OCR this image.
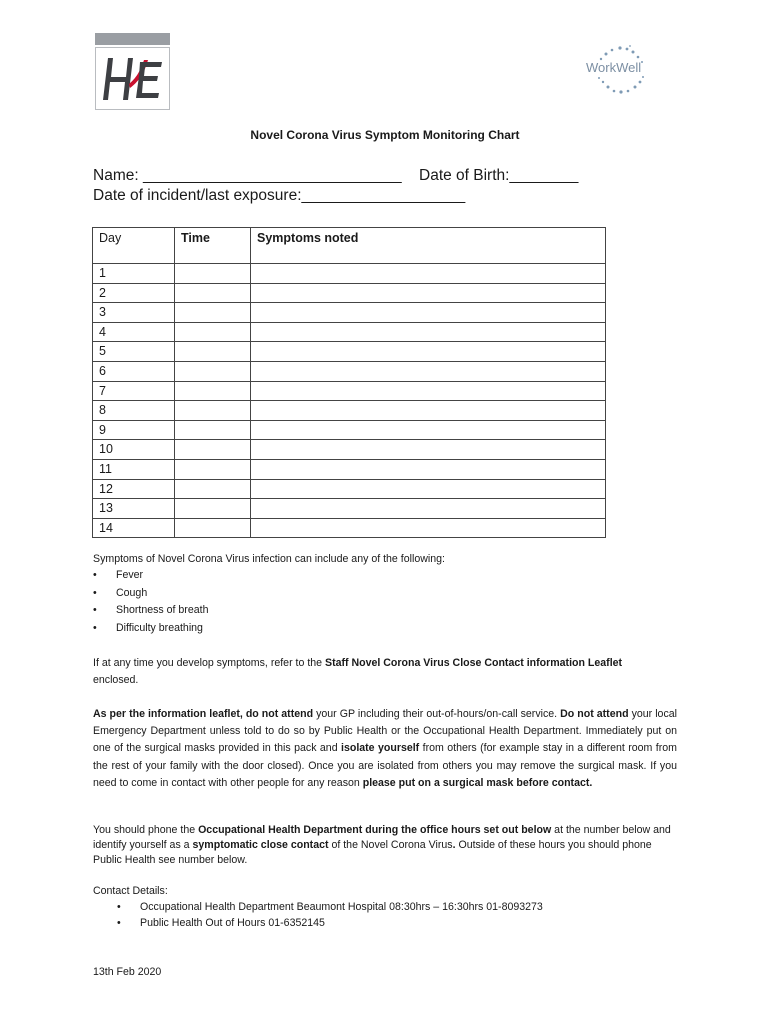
WorkWell
Novel Corona Virus Symptom Monitoring Chart
Name: ______________________________ Date of Birth:________
Date of incident/last exposure:___________________
Day	Time	Symptoms noted
1		
2		
3		
4		
5		
6		
7		
8		
9		
10		
11		
12		
13		
14		
Symptoms of Novel Corona Virus infection can include any of the following:
• Fever
• Cough
• Shortness of breath
• Difficulty breathing
If at any time you develop symptoms, refer to the Staff Novel Corona Virus Close Contact information Leaflet
enclosed.
As per the information leaflet, do not attend your GP including their out-of-hours/on-call service. Do not attend your local Emergency Department unless told to do so by Public Health or the Occupational Health Department. Immediately put on one of the surgical masks provided in this pack and isolate yourself from others (for example stay in a different room from the rest of your family with the door closed). Once you are isolated from others you may remove the surgical mask. If you need to come in contact with other people for any reason please put on a surgical mask before contact.
You should phone the Occupational Health Department during the office hours set out below at the number below and identify yourself as a symptomatic close contact of the Novel Corona Virus. Outside of these hours you should phone Public Health see number below.
Contact Details:
• Occupational Health Department Beaumont Hospital 08:30hrs – 16:30hrs 01-8093273
• Public Health Out of Hours 01-6352145
13th Feb 2020
